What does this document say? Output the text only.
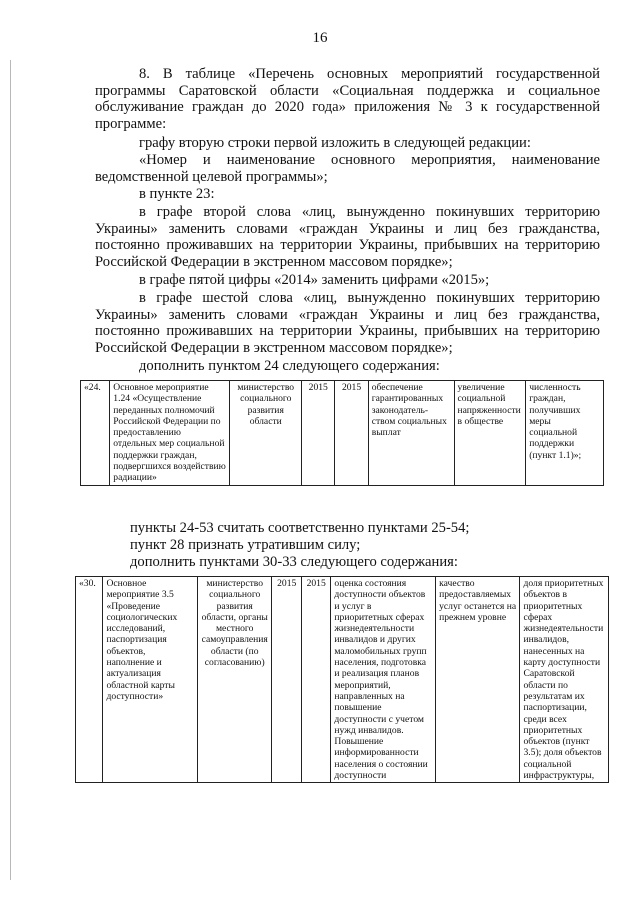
16

8. В таблице «Перечень основных мероприятий государственной программы Саратовской области «Социальная поддержка и социальное обслуживание граждан до 2020 года» приложения № 3 к государственной программе:

графу вторую строки первой изложить в следующей редакции:

«Номер и наименование основного мероприятия, наименование ведомственной целевой программы»;

в пункте 23:

в графе второй слова «лиц, вынужденно покинувших территорию Украины» заменить словами «граждан Украины и лиц без гражданства, постоянно проживавших на территории Украины, прибывших на территорию Российской Федерации в экстренном массовом порядке»;

в графе пятой цифры «2014» заменить цифрами «2015»;

в графе шестой слова «лиц, вынужденно покинувших территорию Украины» заменить словами «граждан Украины и лиц без гражданства, постоянно проживавших на территории Украины, прибывших на территорию Российской Федерации в экстренном массовом порядке»;

дополнить пунктом 24 следующего содержания:

«24.	Основное мероприятие 1.24 «Осуществление переданных полномочий Российской Федерации по предоставлению отдельных мер социальной поддержки граждан, подвергшихся воздействию радиации»	министерство социального развития области	2015	2015	обеспечение гарантированных законодатель-ством социальных выплат	увеличение социальной напряженности в обществе	численность граждан, получивших меры социальной поддержки (пункт 1.1)»;

пункты 24-53 считать соответственно пунктами 25-54;

пункт 28 признать утратившим силу;

дополнить пунктами 30-33 следующего содержания:

«30.	Основное мероприятие 3.5 «Проведение социологических исследований, паспортизация объектов, наполнение и актуализация областной карты доступности»	министерство социального развития области, органы местного самоуправления области (по согласованию)	2015	2015	оценка состояния доступности объектов и услуг в приоритетных сферах жизнедеятельности инвалидов и других маломобильных групп населения, подготовка и реализация планов мероприятий, направленных на повышение доступности с учетом нужд инвалидов. Повышение информированности населения о состоянии доступности	качество предоставляемых услуг останется на прежнем уровне	доля приоритетных объектов в приоритетных сферах жизнедеятельности инвалидов, нанесенных на карту доступности Саратовской области по результатам их паспортизации, среди всех приоритетных объектов (пункт 3.5); доля объектов социальной инфраструктуры,
